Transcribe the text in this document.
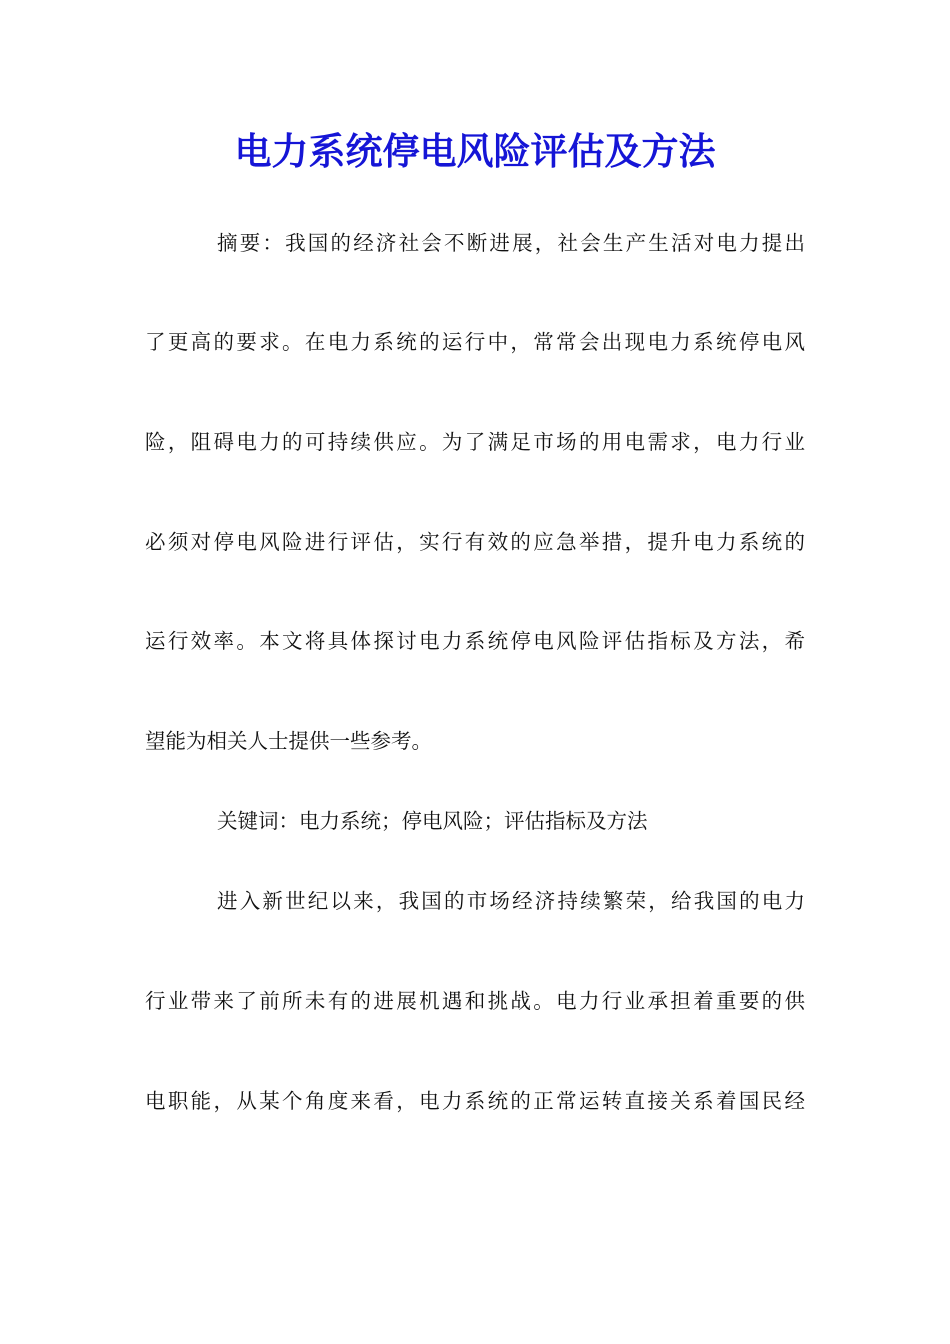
电力系统停电风险评估及方法
摘要：我国的经济社会不断进展，社会生产生活对电力提出
了更高的要求。在电力系统的运行中，常常会出现电力系统停电风
险，阻碍电力的可持续供应。为了满足市场的用电需求，电力行业
必须对停电风险进行评估，实行有效的应急举措，提升电力系统的
运行效率。本文将具体探讨电力系统停电风险评估指标及方法，希
望能为相关人士提供一些参考。
关键词：电力系统；停电风险；评估指标及方法
进入新世纪以来，我国的市场经济持续繁荣，给我国的电力
行业带来了前所未有的进展机遇和挑战。电力行业承担着重要的供
电职能，从某个角度来看，电力系统的正常运转直接关系着国民经
